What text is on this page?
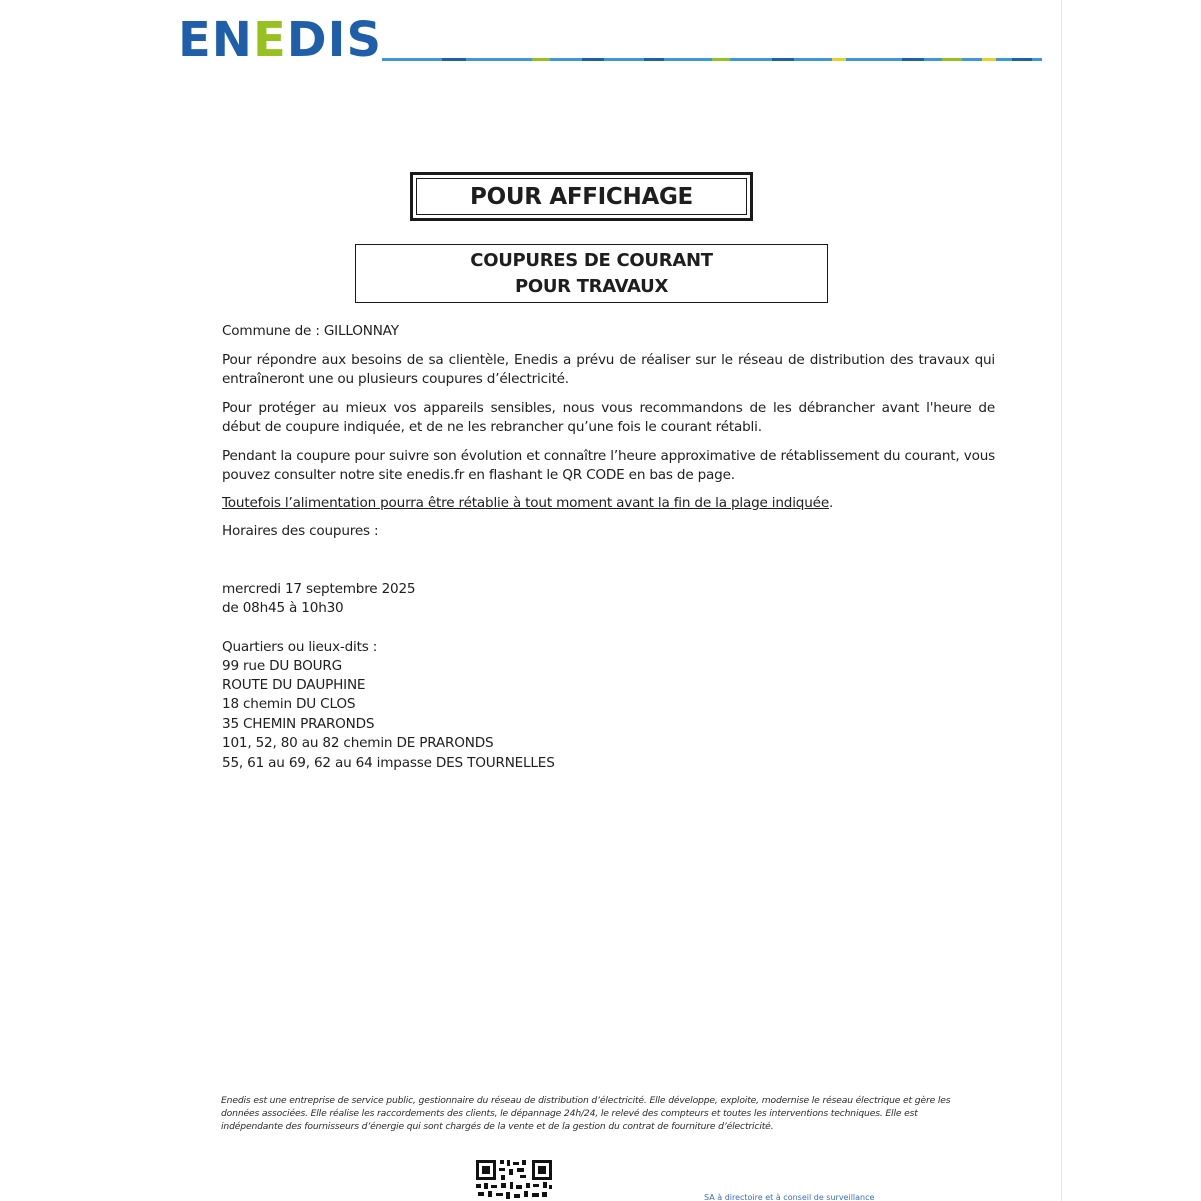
ENEDIS
POUR AFFICHAGE
COUPURES DE COURANT
POUR TRAVAUX
Commune de : GILLONNAY
Pour répondre aux besoins de sa clientèle, Enedis a prévu de réaliser sur le réseau de distribution des travaux qui entraîneront une ou plusieurs coupures d’électricité.
Pour protéger au mieux vos appareils sensibles, nous vous recommandons de les débrancher avant l'heure de début de coupure indiquée, et de ne les rebrancher qu’une fois le courant rétabli.
Pendant la coupure pour suivre son évolution et connaître l’heure approximative de rétablissement du courant, vous pouvez consulter notre site enedis.fr en flashant le QR CODE en bas de page.
Toutefois l’alimentation pourra être rétablie à tout moment avant la fin de la plage indiquée.
Horaires des coupures :
mercredi 17 septembre 2025
de 08h45 à 10h30
Quartiers ou lieux-dits :
99 rue DU BOURG
ROUTE DU DAUPHINE
18 chemin DU CLOS
35 CHEMIN PRARONDS
101, 52, 80 au 82 chemin DE PRARONDS
55, 61 au 69, 62 au 64 impasse DES TOURNELLES
Enedis est une entreprise de service public, gestionnaire du réseau de distribution d’électricité. Elle développe, exploite, modernise le réseau électrique et gère les données associées. Elle réalise les raccordements des clients, le dépannage 24h/24, le relevé des compteurs et toutes les interventions techniques. Elle est indépendante des fournisseurs d’énergie qui sont chargés de la vente et de la gestion du contrat de fourniture d’électricité.
SA à directoire et à conseil de surveillance
